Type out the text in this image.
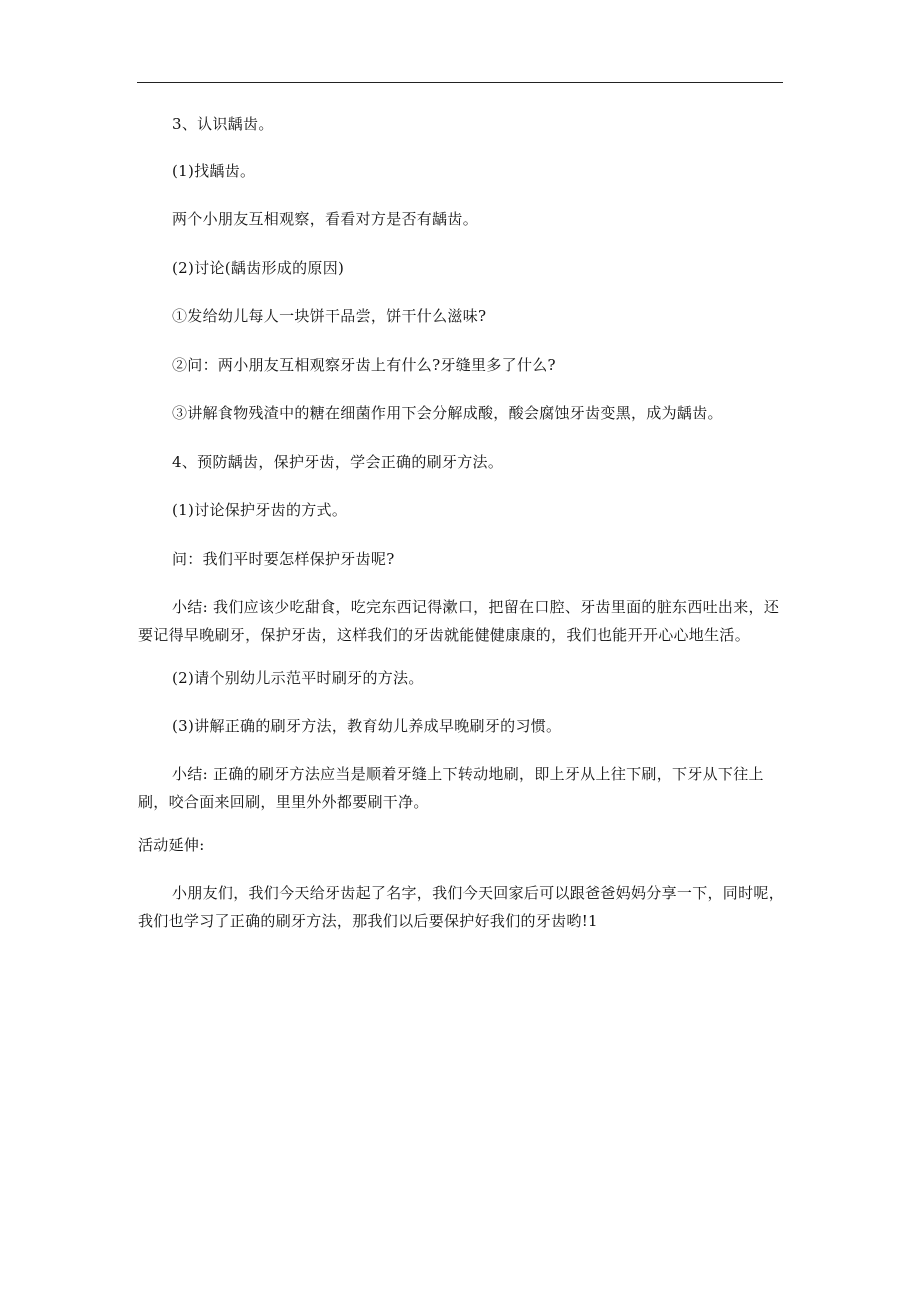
3、认识龋齿。
(1)找龋齿。
两个小朋友互相观察，看看对方是否有龋齿。
(2)讨论(龋齿形成的原因)
①发给幼儿每人一块饼干品尝，饼干什么滋味?
②问：两小朋友互相观察牙齿上有什么?牙缝里多了什么?
③讲解食物残渣中的糖在细菌作用下会分解成酸，酸会腐蚀牙齿变黑，成为龋齿。
4、预防龋齿，保护牙齿，学会正确的刷牙方法。
(1)讨论保护牙齿的方式。
问：我们平时要怎样保护牙齿呢?
小结: 我们应该少吃甜食，吃完东西记得漱口，把留在口腔、牙齿里面的脏东西吐出来，还要记得早晚刷牙，保护牙齿，这样我们的牙齿就能健健康康的，我们也能开开心心地生活。
(2)请个别幼儿示范平时刷牙的方法。
(3)讲解正确的刷牙方法，教育幼儿养成早晚刷牙的习惯。
小结: 正确的刷牙方法应当是顺着牙缝上下转动地刷，即上牙从上往下刷，下牙从下往上刷，咬合面来回刷，里里外外都要刷干净。
活动延伸:
小朋友们，我们今天给牙齿起了名字，我们今天回家后可以跟爸爸妈妈分享一下，同时呢，我们也学习了正确的刷牙方法，那我们以后要保护好我们的牙齿哟!1
